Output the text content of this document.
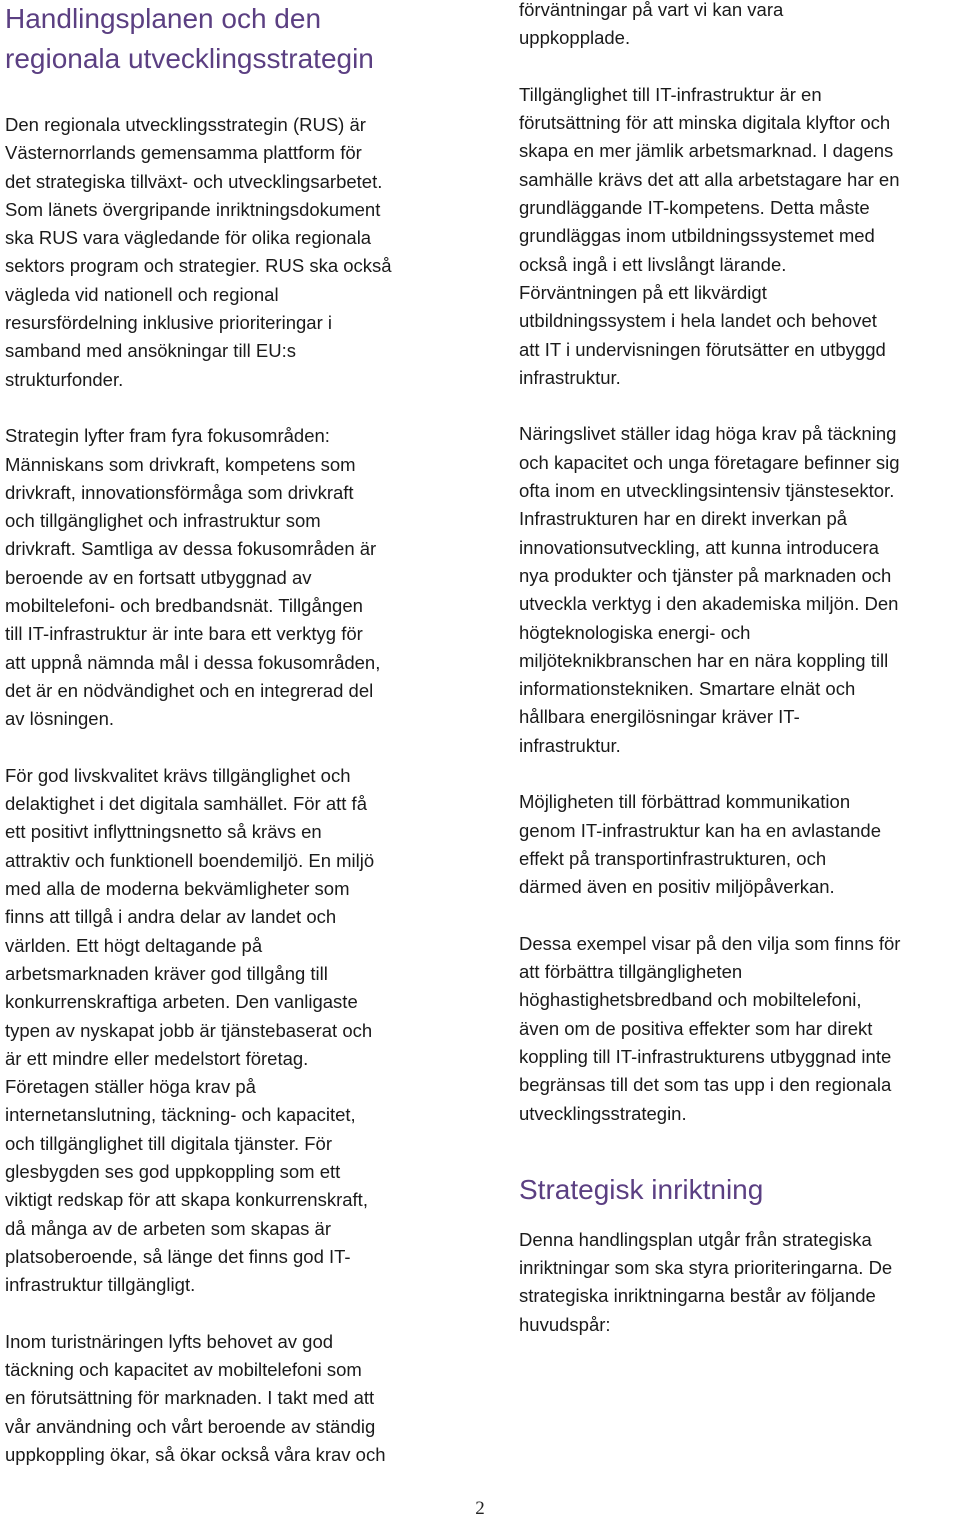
Handlingsplanen och den
regionala utvecklingsstrategin

Den regionala utvecklingsstrategin (RUS) är
Västernorrlands gemensamma plattform för
det strategiska tillväxt- och utvecklingsarbetet.
Som länets övergripande inriktningsdokument
ska RUS vara vägledande för olika regionala
sektors program och strategier. RUS ska också
vägleda vid nationell och regional
resursfördelning inklusive prioriteringar i
samband med ansökningar till EU:s
strukturfonder.

Strategin lyfter fram fyra fokusområden:
Människans som drivkraft, kompetens som
drivkraft, innovationsförmåga som drivkraft
och tillgänglighet och infrastruktur som
drivkraft. Samtliga av dessa fokusområden är
beroende av en fortsatt utbyggnad av
mobiltelefoni- och bredbandsnät. Tillgången
till IT-infrastruktur är inte bara ett verktyg för
att uppnå nämnda mål i dessa fokusområden,
det är en nödvändighet och en integrerad del
av lösningen.

För god livskvalitet krävs tillgänglighet och
delaktighet i det digitala samhället. För att få
ett positivt inflyttningsnetto så krävs en
attraktiv och funktionell boendemiljö. En miljö
med alla de moderna bekvämligheter som
finns att tillgå i andra delar av landet och
världen. Ett högt deltagande på
arbetsmarknaden kräver god tillgång till
konkurrenskraftiga arbeten. Den vanligaste
typen av nyskapat jobb är tjänstebaserat och
är ett mindre eller medelstort företag.
Företagen ställer höga krav på
internetanslutning, täckning- och kapacitet,
och tillgänglighet till digitala tjänster. För
glesbygden ses god uppkoppling som ett
viktigt redskap för att skapa konkurrenskraft,
då många av de arbeten som skapas är
platsoberoende, så länge det finns god IT-
infrastruktur tillgängligt.

Inom turistnäringen lyfts behovet av god
täckning och kapacitet av mobiltelefoni som
en förutsättning för marknaden. I takt med att
vår användning och vårt beroende av ständig
uppkoppling ökar, så ökar också våra krav och

förväntningar på vart vi kan vara
uppkopplade.

Tillgänglighet till IT-infrastruktur är en
förutsättning för att minska digitala klyftor och
skapa en mer jämlik arbetsmarknad. I dagens
samhälle krävs det att alla arbetstagare har en
grundläggande IT-kompetens. Detta måste
grundläggas inom utbildningssystemet med
också ingå i ett livslångt lärande.
Förväntningen på ett likvärdigt
utbildningssystem i hela landet och behovet
att IT i undervisningen förutsätter en utbyggd
infrastruktur.

Näringslivet ställer idag höga krav på täckning
och kapacitet och unga företagare befinner sig
ofta inom en utvecklingsintensiv tjänstesektor.
Infrastrukturen har en direkt inverkan på
innovationsutveckling, att kunna introducera
nya produkter och tjänster på marknaden och
utveckla verktyg i den akademiska miljön. Den
högteknologiska energi- och
miljöteknikbranschen har en nära koppling till
informationstekniken. Smartare elnät och
hållbara energilösningar kräver IT-
infrastruktur.

Möjligheten till förbättrad kommunikation
genom IT-infrastruktur kan ha en avlastande
effekt på transportinfrastrukturen, och
därmed även en positiv miljöpåverkan.

Dessa exempel visar på den vilja som finns för
att förbättra tillgängligheten
höghastighetsbredband och mobiltelefoni,
även om de positiva effekter som har direkt
koppling till IT-infrastrukturens utbyggnad inte
begränsas till det som tas upp i den regionala
utvecklingsstrategin.

Strategisk inriktning

Denna handlingsplan utgår från strategiska
inriktningar som ska styra prioriteringarna. De
strategiska inriktningarna består av följande
huvudspår:

2
